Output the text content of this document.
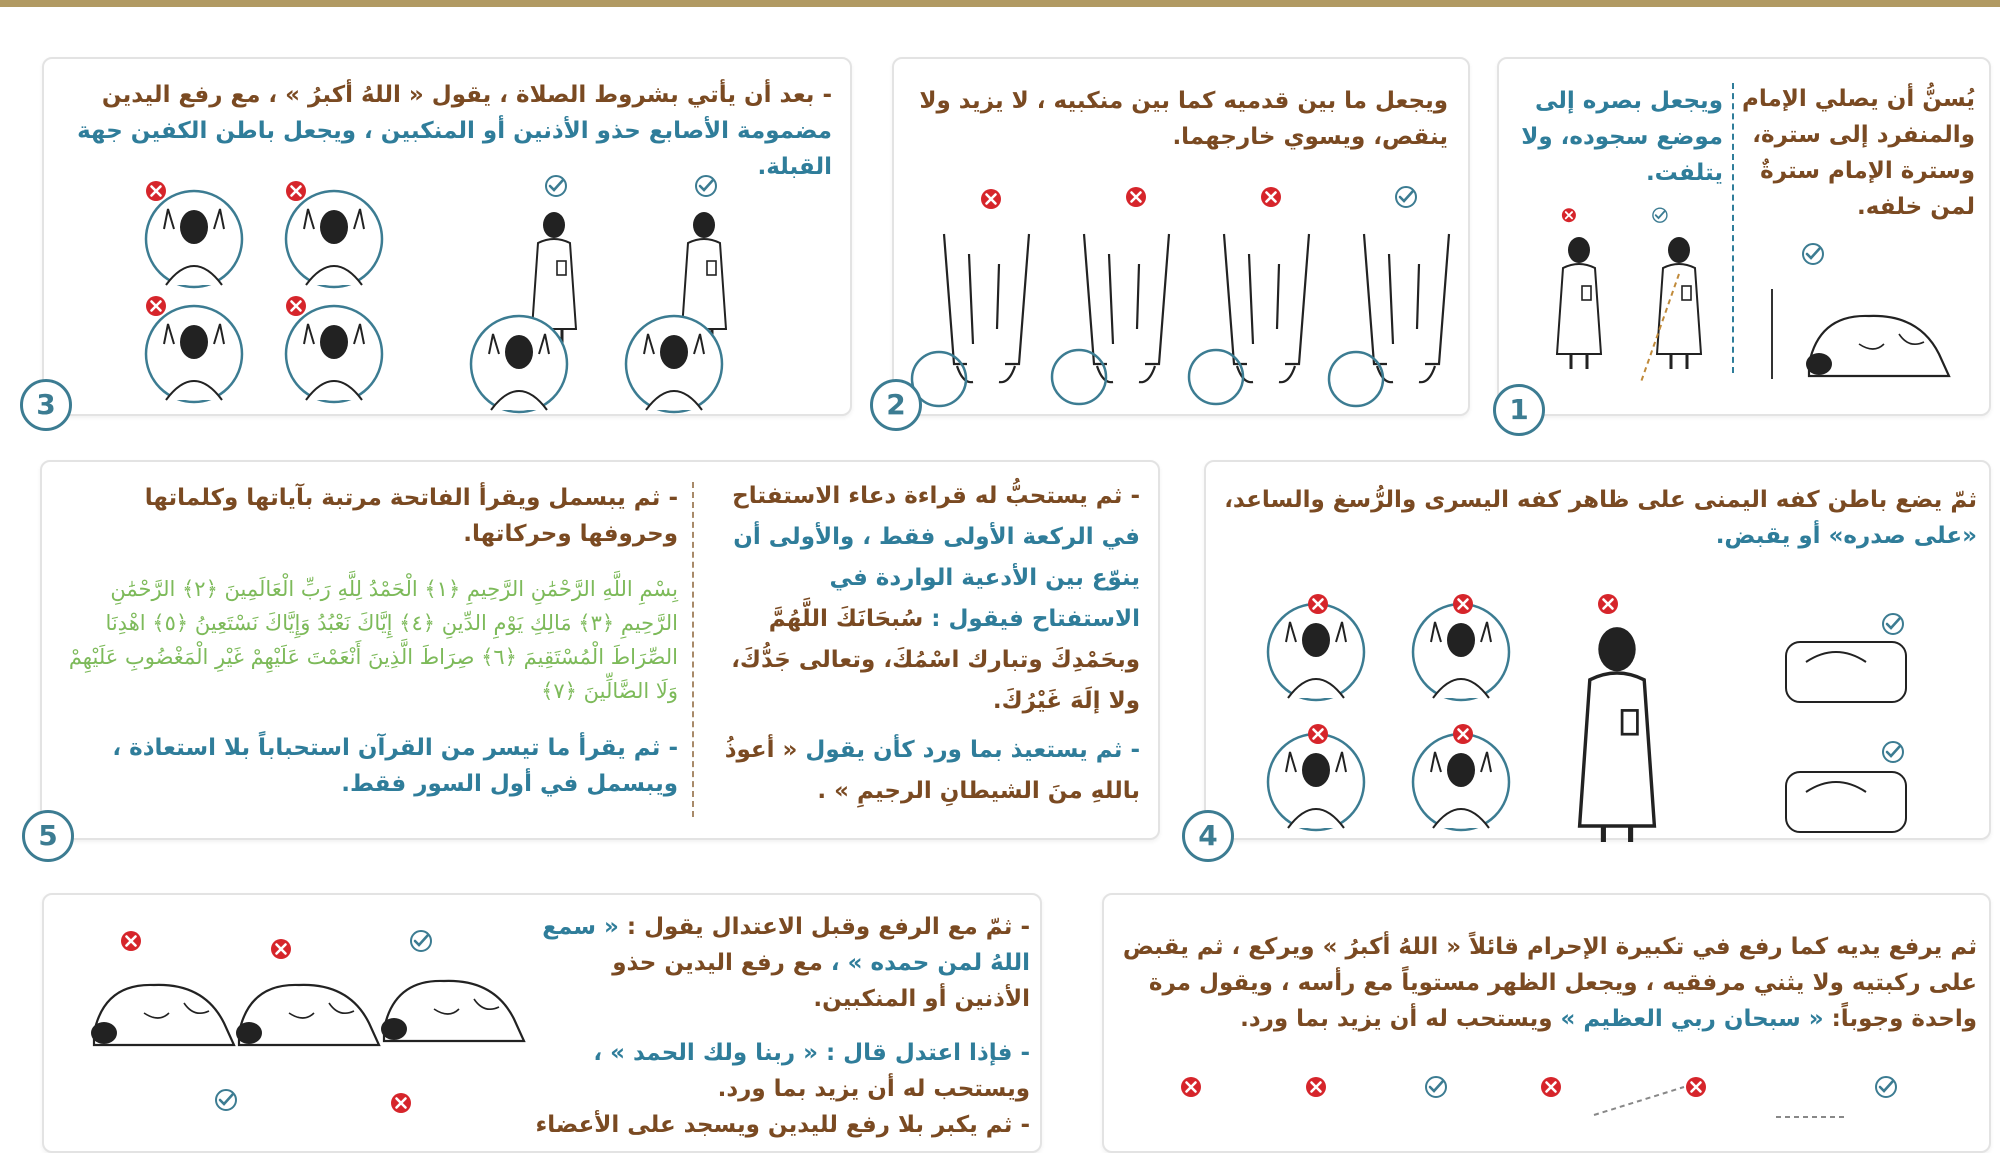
يُسنُّ أن يصلي الإمام والمنفرد إلى سترة، وسترة الإمام سترةٌ لمن خلفه.

ويجعل بصره إلى موضع سجوده، ولا يتلفت.

1

ويجعل ما بين قدميه كما بين منكبيه ، لا يزيد ولا ينقص، ويسوي خارجهما.

2

- بعد أن يأتي بشروط الصلاة ، يقول « اللهُ أكبرُ » ، مع رفع اليدين مضمومة الأصابع حذو الأذنين أو المنكبين ، ويجعل باطن الكفين جهة القبلة.

3

ثمّ يضع باطن كفه اليمنى على ظاهر كفه اليسرى والرُّسغ والساعد، «على صدره» أو يقبض.

4

- ثم يستحبُّ له قراءة دعاء الاستفتاح في الركعة الأولى فقط ، والأولى أن ينوّع بين الأدعية الواردة في الاستفتاح فيقول : سُبحَانَكَ اللَّهُمَّ وبحَمْدِكَ وتبارك اسْمُكَ، وتعالى جَدُّكَ، ولا إلَهَ غَيْرُكَ.

- ثم يستعيذ بما ورد كأن يقول « أعوذُ باللهِ منَ الشيطانِ الرجيمِ » .

- ثم يبسمل ويقرأ الفاتحة مرتبة بآياتها وكلماتها وحروفها وحركاتها.

بِسْمِ اللَّهِ الرَّحْمَٰنِ الرَّحِيمِ ﴿١﴾ الْحَمْدُ لِلَّهِ رَبِّ الْعَالَمِينَ ﴿٢﴾ الرَّحْمَٰنِ الرَّحِيمِ ﴿٣﴾ مَالِكِ يَوْمِ الدِّينِ ﴿٤﴾ إِيَّاكَ نَعْبُدُ وَإِيَّاكَ نَسْتَعِينُ ﴿٥﴾ اهْدِنَا الصِّرَاطَ الْمُسْتَقِيمَ ﴿٦﴾ صِرَاطَ الَّذِينَ أَنْعَمْتَ عَلَيْهِمْ غَيْرِ الْمَغْضُوبِ عَلَيْهِمْ وَلَا الضَّالِّينَ ﴿٧﴾

- ثم يقرأ ما تيسر من القرآن استحباباً بلا استعاذة ، ويبسمل في أول السور فقط.

5

ثم يرفع يديه كما رفع في تكبيرة الإحرام قائلاً « اللهُ أكبرُ » ويركع ، ثم يقبض على ركبتيه ولا يثني مرفقيه ، ويجعل الظهر مستوياً مع رأسه ، ويقول مرة واحدة وجوباً: « سبحان ربي العظيم » ويستحب له أن يزيد بما ورد.

- ثمّ مع الرفع وقبل الاعتدال يقول : « سمع اللهُ لمن حمده » ، مع رفع اليدين حذو الأذنين أو المنكبين.

- فإذا اعتدل قال : « ربنا ولك الحمد » ، ويستحب له أن يزيد بما ورد.

- ثم يكبر بلا رفع لليدين ويسجد على الأعضاء
